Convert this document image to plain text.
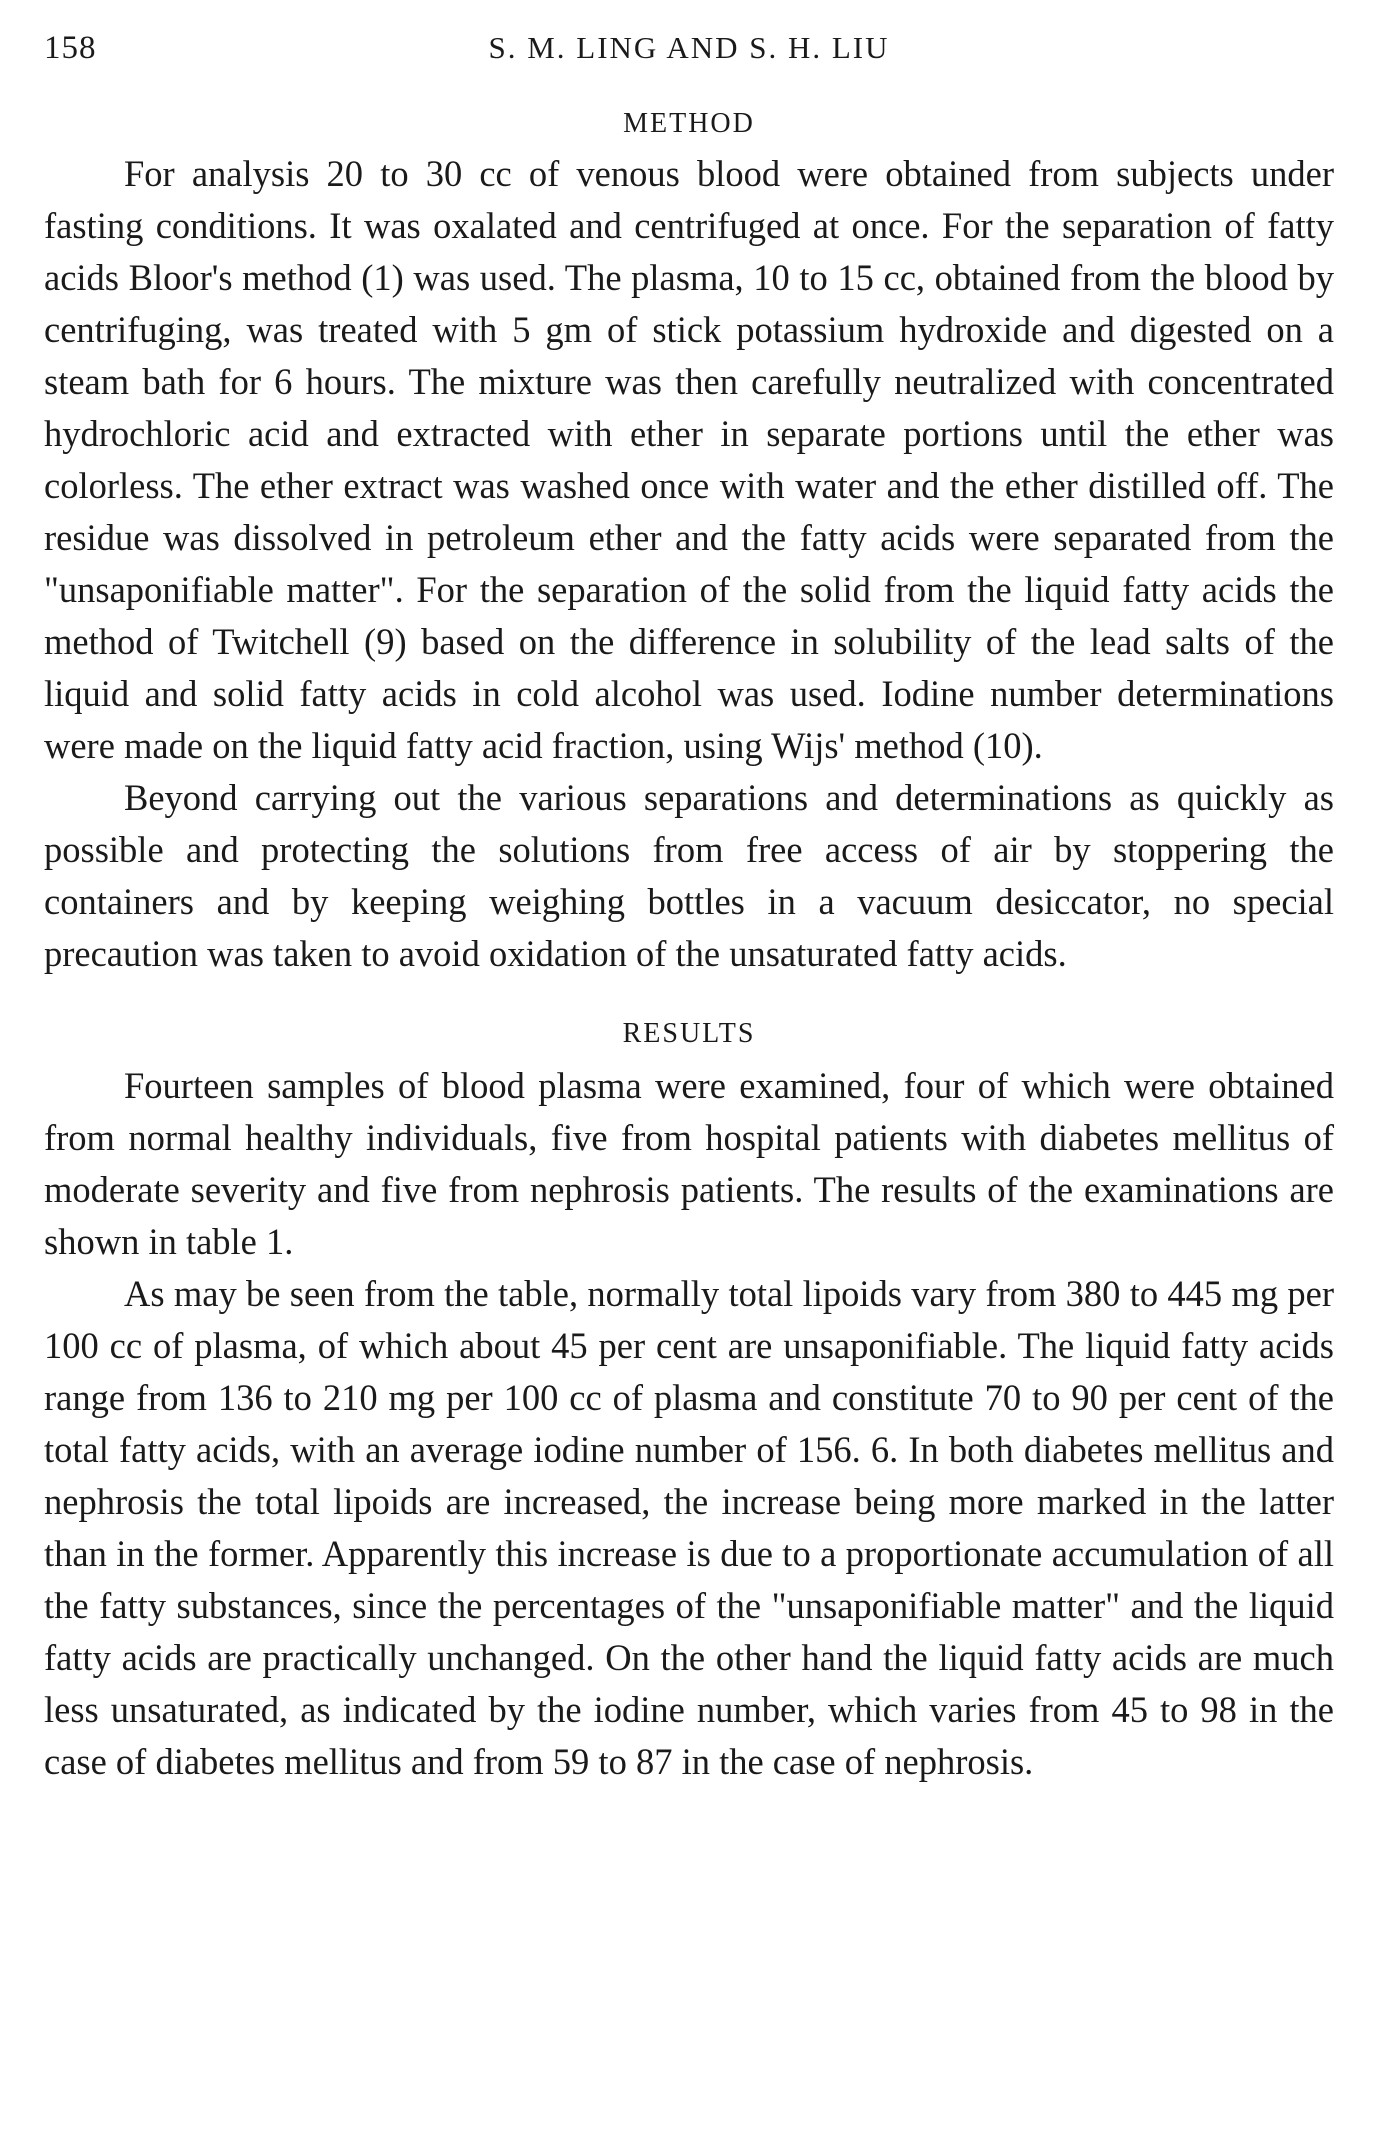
158	S. M. LING AND S. H. LIU
METHOD

For analysis 20 to 30 cc of venous blood were obtained from subjects under fasting conditions. It was oxalated and centrifuged at once. For the separation of fatty acids Bloor's method (1) was used. The plasma, 10 to 15 cc, obtained from the blood by centrifuging, was treated with 5 gm of stick potassium hydroxide and digested on a steam bath for 6 hours. The mixture was then carefully neutralized with concentrated hydrochloric acid and extracted with ether in separate portions until the ether was colorless. The ether extract was washed once with water and the ether distilled off. The residue was dissolved in petroleum ether and the fatty acids were separated from the "unsaponifiable matter". For the separation of the solid from the liquid fatty acids the method of Twitchell (9) based on the difference in solubility of the lead salts of the liquid and solid fatty acids in cold alcohol was used. Iodine number determinations were made on the liquid fatty acid fraction, using Wijs' method (10).

Beyond carrying out the various separations and determinations as quickly as possible and protecting the solutions from free access of air by stoppering the containers and by keeping weighing bottles in a vacuum desiccator, no special precaution was taken to avoid oxidation of the unsaturated fatty acids.

RESULTS

Fourteen samples of blood plasma were examined, four of which were obtained from normal healthy individuals, five from hospital patients with diabetes mellitus of moderate severity and five from nephrosis patients. The results of the examinations are shown in table 1.

As may be seen from the table, normally total lipoids vary from 380 to 445 mg per 100 cc of plasma, of which about 45 per cent are unsaponifiable. The liquid fatty acids range from 136 to 210 mg per 100 cc of plasma and constitute 70 to 90 per cent of the total fatty acids, with an average iodine number of 156. 6. In both diabetes mellitus and nephrosis the total lipoids are increased, the increase being more marked in the latter than in the former. Apparently this increase is due to a proportionate accumulation of all the fatty substances, since the percentages of the "unsaponifiable matter" and the liquid fatty acids are practically unchanged. On the other hand the liquid fatty acids are much less unsaturated, as indicated by the iodine number, which varies from 45 to 98 in the case of diabetes mellitus and from 59 to 87 in the case of nephrosis.
